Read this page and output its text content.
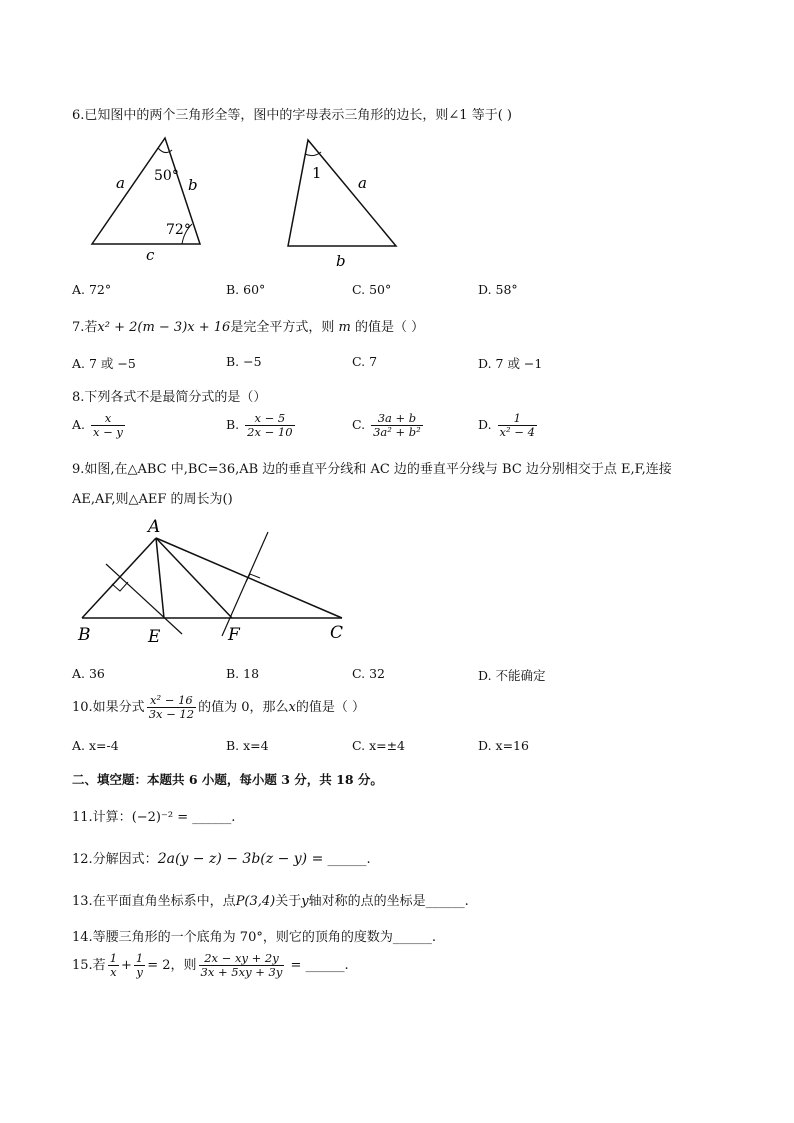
6.已知图中的两个三角形全等，图中的字母表示三角形的边长，则∠1 等于( )
a	b
c
50°
72°
1
a
b
A. 72°	B. 60°	C. 50°	D. 58°
7.若x² + 2(m − 3)x + 16是完全平方式，则 m 的值是（ ）
A. 7 或 −5	B. −5	C. 7	D. 7 或 −1
8.下列各式不是最简分式的是（）
A. $\frac{x}{x - y}$	B. $\frac{x - 5}{2x - 10}$	C. $\frac{3a + b}{\text{3a² + b²}}$	D. $\frac{1}{\text{x² − 4}}$
9.如图,在△ABC 中,BC=36,AB 边的垂直平分线和 AC 边的垂直平分线与 BC 边分别相交于点 E,F,连接
AE,AF,则△AEF 的周长为()
A
B	E	F	C
A. 36	B. 18	C. 32	D. 不能确定
10.如果分式 $\frac{\text{x² − 16}}{3x - 12}$ 的值为 0，那么x的值是（ ）
A. x=-4	B. x=4	C. x=±4	D. x=16
二、填空题：本题共 6 小题，每小题 3 分，共 18 分。
11.计算：(−2)⁻² = ______.
12.分解因式：2a(y − z) − 3b(z − y) = ______.
13.在平面直角坐标系中，点P(3,4)关于y轴对称的点的坐标是______.
14.等腰三角形的一个底角为 70°，则它的顶角的度数为______.
15.若 $\frac{1}{x} + \frac{1}{y} = 2$，则 $\frac{2x - xy + 2y}{3x + 5xy + 3y}$ = ______.
